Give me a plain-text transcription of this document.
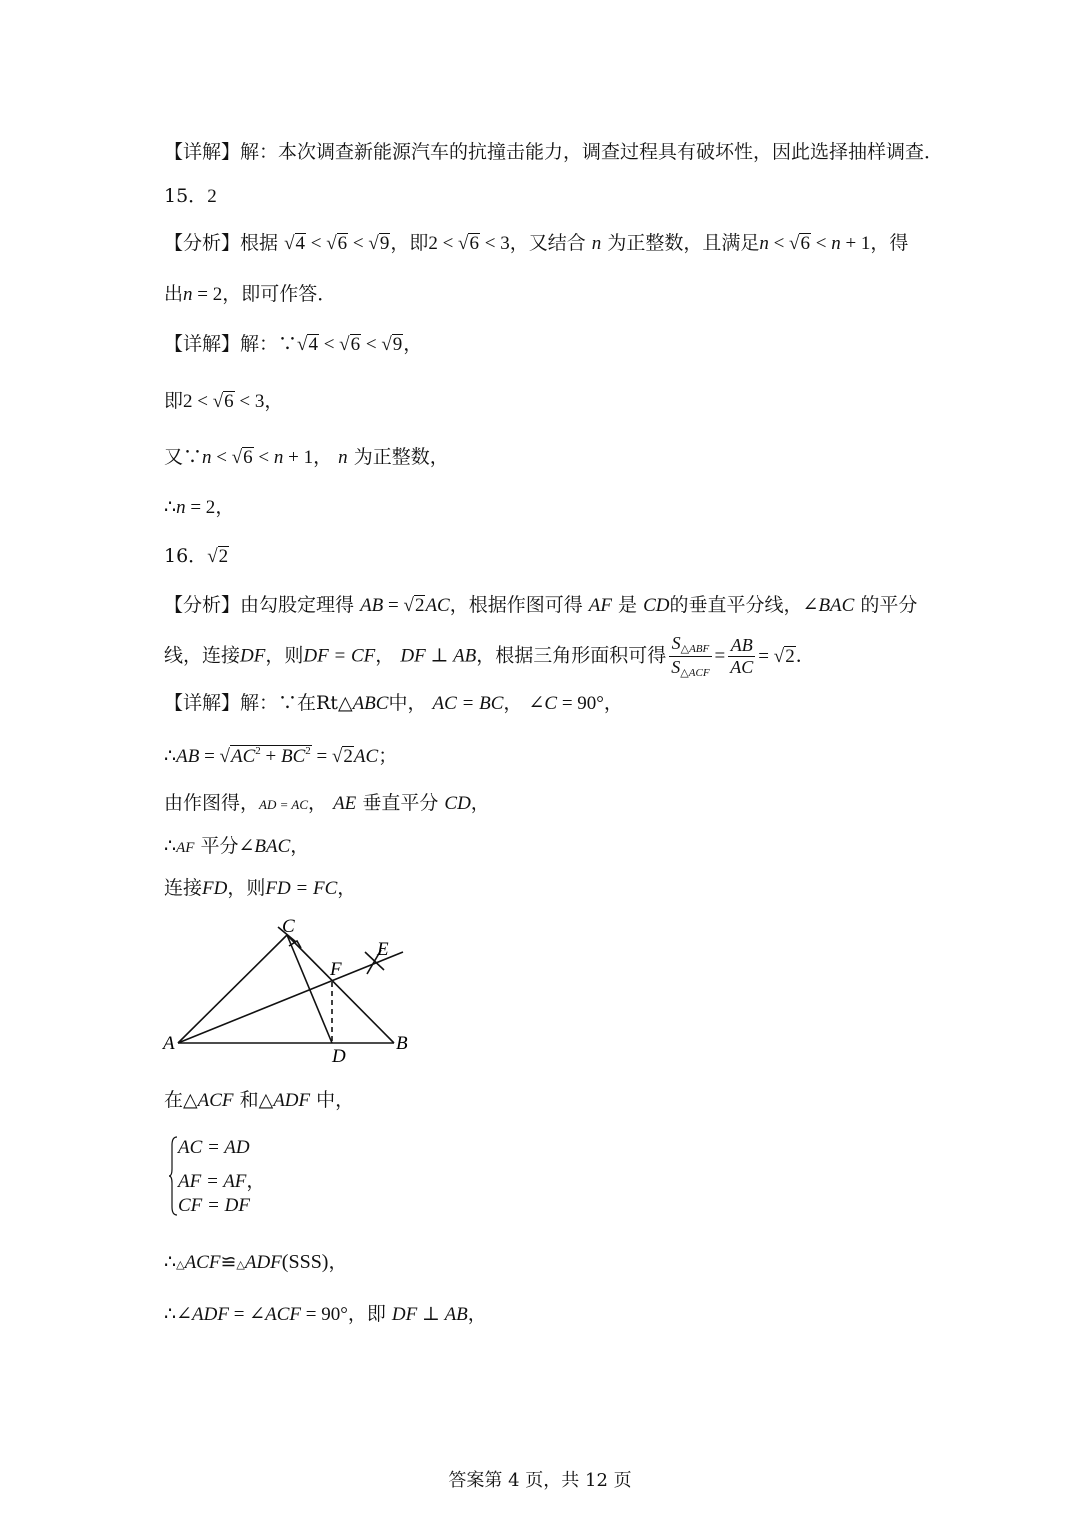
【详解】解：本次调查新能源汽车的抗撞击能力，调查过程具有破坏性，因此选择抽样调查．
15．2
【分析】根据 √4 < √6 < √9，即2 < √6 < 3，又结合 n 为正整数，且满足n < √6 < n + 1，得
出n = 2，即可作答．
【详解】解：∵√4 < √6 < √9，
即2 < √6 < 3，
又∵n < √6 < n + 1， n 为正整数，
∴n = 2，
16．√2
【分析】由勾股定理得 AB = √2AC，根据作图可得 AF 是 CD的垂直平分线，∠BAC 的平分
线，连接DF，则DF = CF， DF ⊥ AB，根据三角形面积可得 $\frac{S_{\triangle ABF}}{S_{\triangle ACF}} = \frac{AB}{AC} = √2$．
【详解】解：∵在Rt△ABC中， AC = BC， ∠C = 90°，
∴AB = $√AC^2 + BC^2 = √2AC$；
由作图得，AD = AC， AE 垂直平分 CD，
∴AF 平分∠BAC，
连接FD，则FD = FC，
C
E
F
A
D
B
在△ACF 和△ADF 中，
AC = AD
AF = AF，
CF = DF
∴△ACF≌△ADF(SSS)，
∴∠ADF = ∠ACF = 90°，即 DF ⊥ AB，
答案第 4 页，共 12 页
